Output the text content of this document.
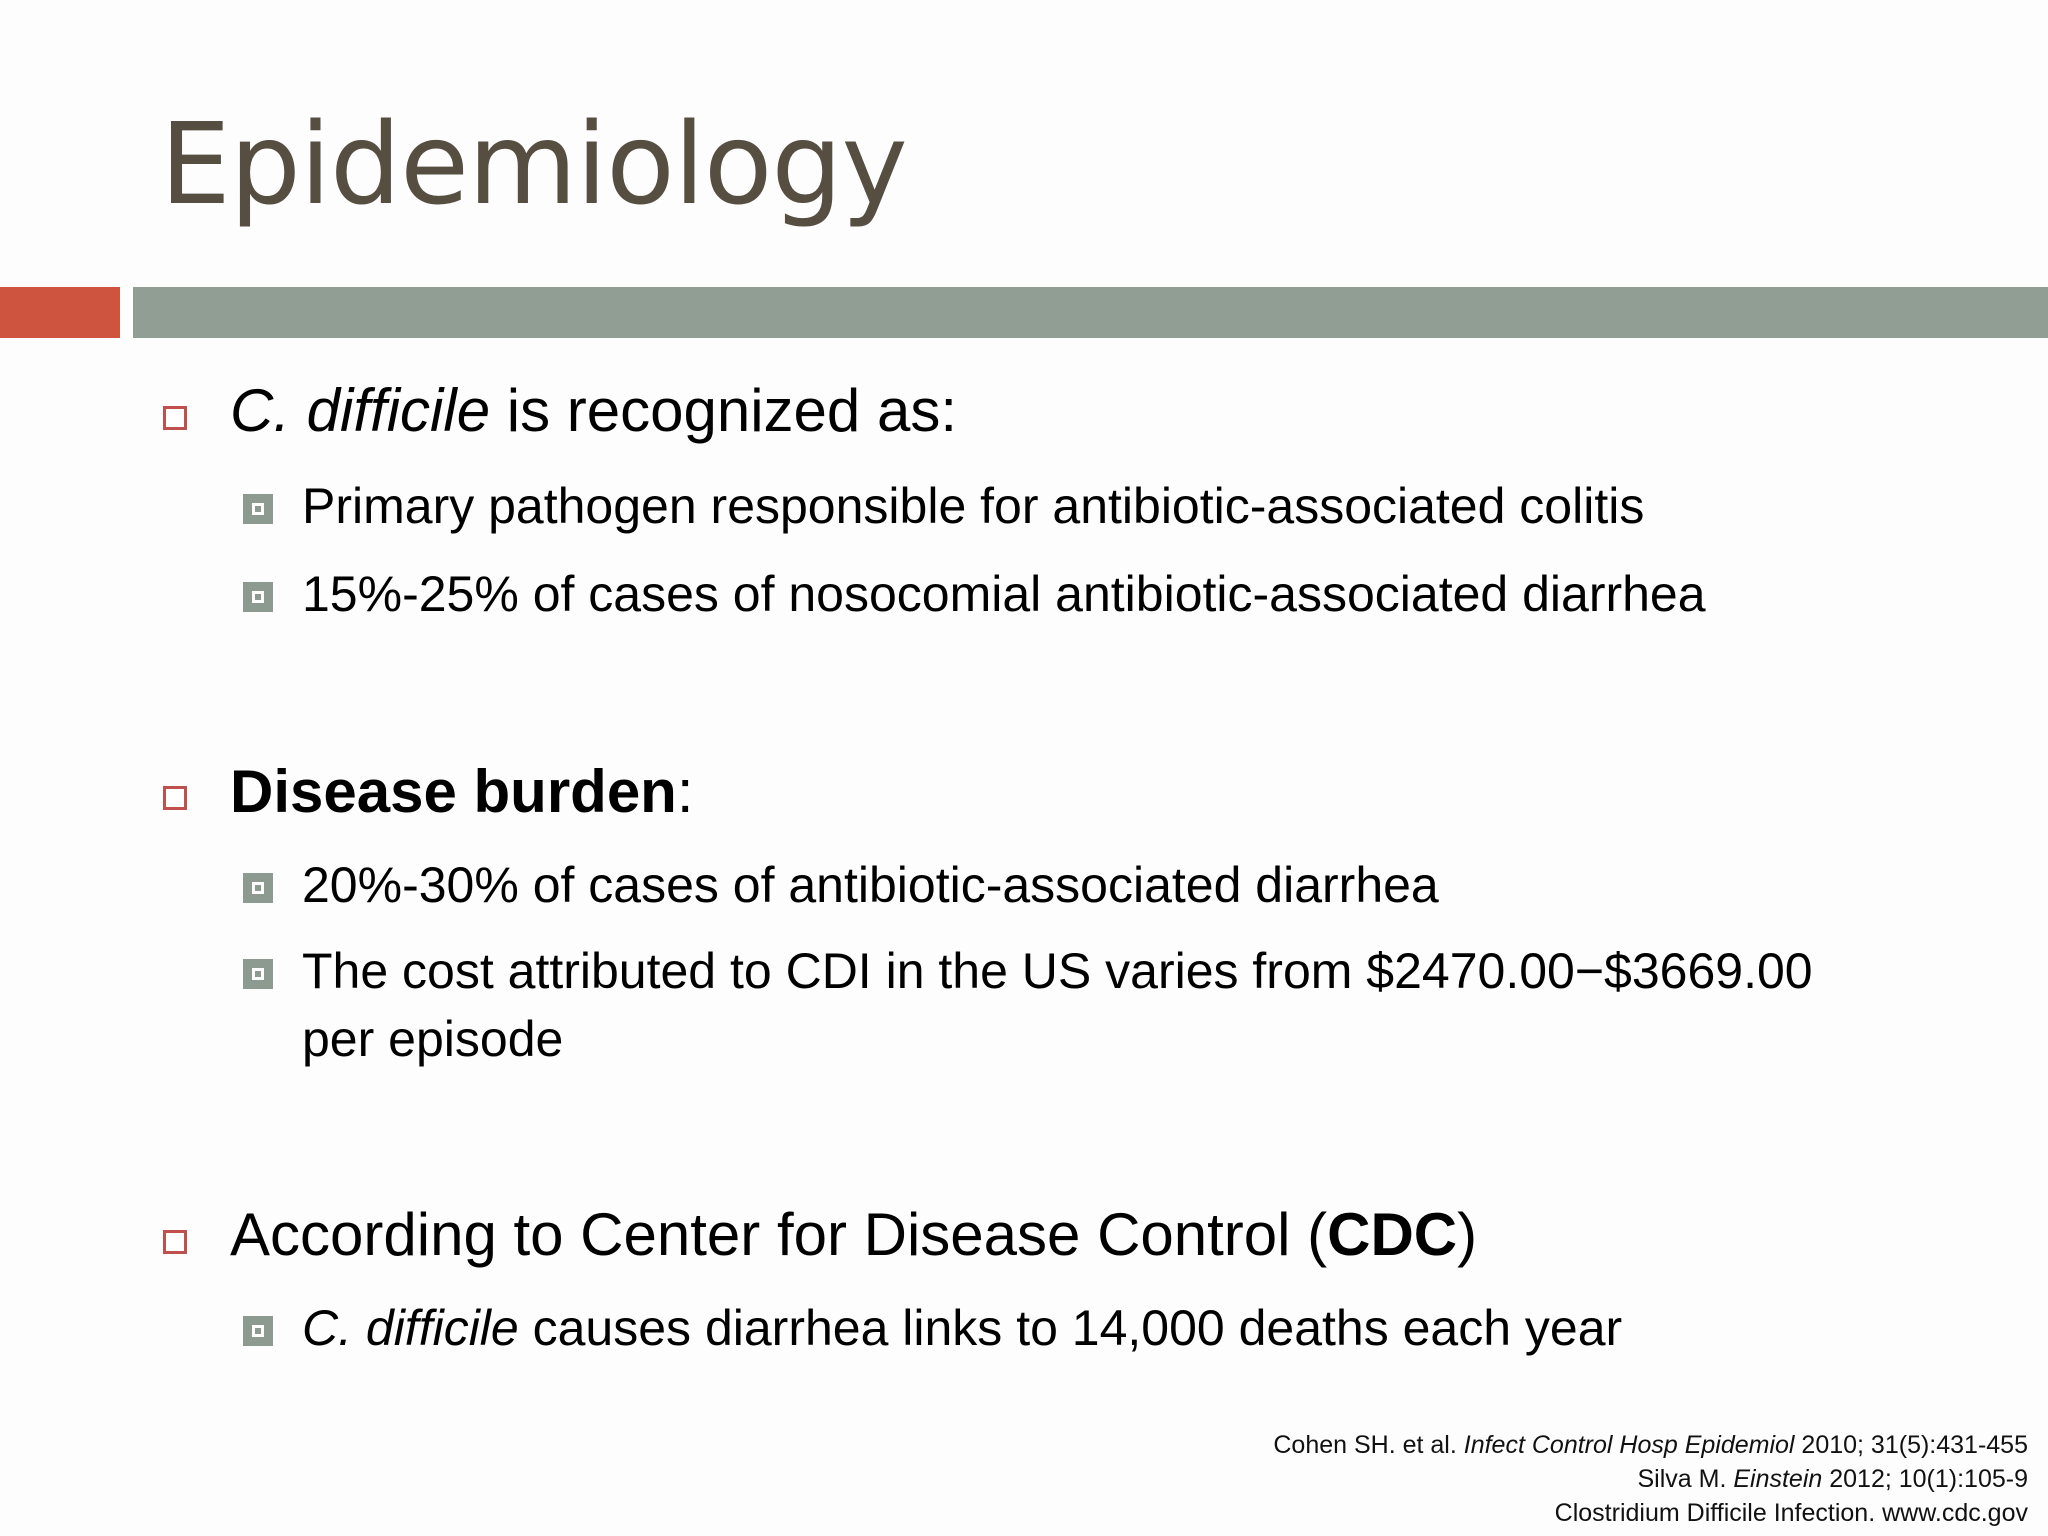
Epidemiology
C. difficile is recognized as:
Primary pathogen responsible for antibiotic-associated colitis
15%-25% of cases of nosocomial antibiotic-associated diarrhea
Disease burden:
20%-30% of cases of antibiotic-associated diarrhea
The cost attributed to CDI in the US varies from $2470.00−$3669.00
per episode
According to Center for Disease Control (CDC)
C. difficile causes diarrhea links to 14,000 deaths each year
Cohen SH. et al. Infect Control Hosp Epidemiol 2010; 31(5):431-455
Silva M. Einstein 2012; 10(1):105-9
Clostridium Difficile Infection. www.cdc.gov
